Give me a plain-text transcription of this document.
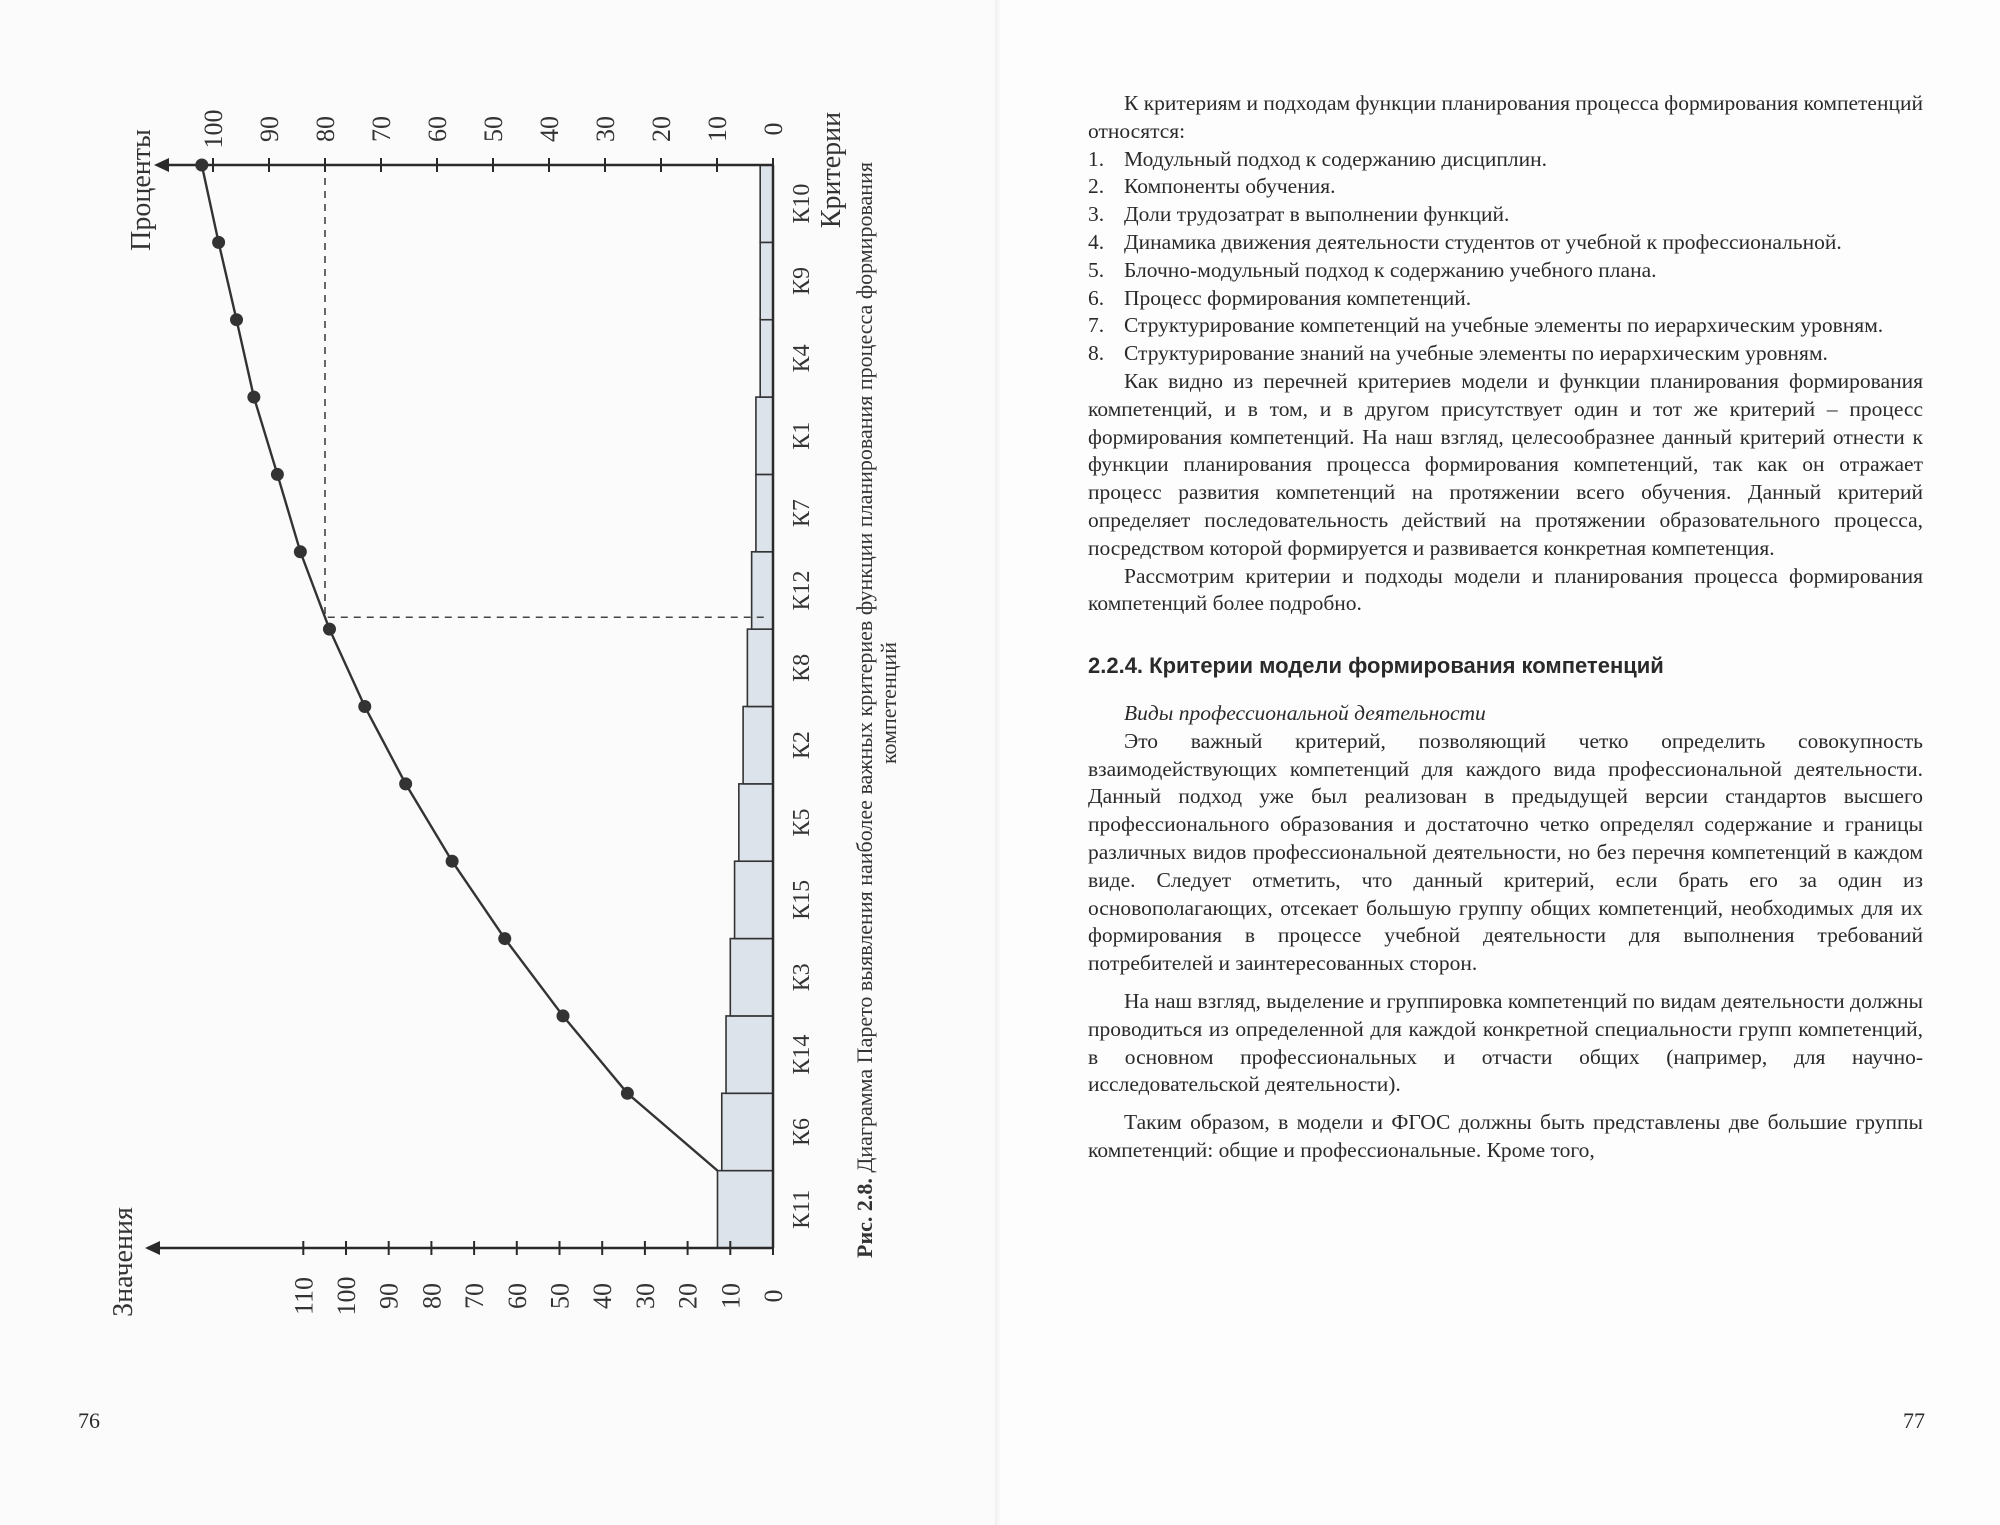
0
10
20
30
40
50
60
70
80
90
100
110
0
10
20
30
40
50
60
70
80
90
100
К11
К6
К14
К3
К15
К5
К2
К8
К12
К7
К1
К4
К9
К10
Значения
Проценты	Критерии
Рис. 2.8. Диаграмма Парето выявления наиболее важных критериев функции планирования процесса формирования компетенций
76	77

К критериям и подходам функции планирования процесса формирования компетенций относятся:

1. Модульный подход к содержанию дисциплин.
2. Компоненты обучения.
3. Доли трудозатрат в выполнении функций.
4. Динамика движения деятельности студентов от учебной к профессиональной.
5. Блочно-модульный подход к содержанию учебного плана.
6. Процесс формирования компетенций.
7. Структурирование компетенций на учебные элементы по иерархическим уровням.
8. Структурирование знаний на учебные элементы по иерархическим уровням.

Как видно из перечней критериев модели и функции планирования формирования компетенций, и в том, и в другом присутствует один и тот же критерий – процесс формирования компетенций. На наш взгляд, целесообразнее данный критерий отнести к функции планирования процесса формирования компетенций, так как он отражает процесс развития компетенций на протяжении всего обучения. Данный критерий определяет последовательность действий на протяжении образовательного процесса, посредством которой формируется и развивается конкретная компетенция.

Рассмотрим критерии и подходы модели и планирования процесса формирования компетенций более подробно.

2.2.4. Критерии модели формирования компетенций

Виды профессиональной деятельности

Это важный критерий, позволяющий четко определить совокупность взаимодействующих компетенций для каждого вида профессиональной деятельности. Данный подход уже был реализован в предыдущей версии стандартов высшего профессионального образования и достаточно четко определял содержание и границы различных видов профессиональной деятельности, но без перечня компетенций в каждом виде. Следует отметить, что данный критерий, если брать его за один из основополагающих, отсекает большую группу общих компетенций, необходимых для их формирования в процессе учебной деятельности для выполнения требований потребителей и заинтересованных сторон.

На наш взгляд, выделение и группировка компетенций по видам деятельности должны проводиться из определенной для каждой конкретной специальности групп компетенций, в основном профессиональных и отчасти общих (например, для научно-исследовательской деятельности).

Таким образом, в модели и ФГОС должны быть представлены две большие группы компетенций: общие и профессиональные. Кроме того,
